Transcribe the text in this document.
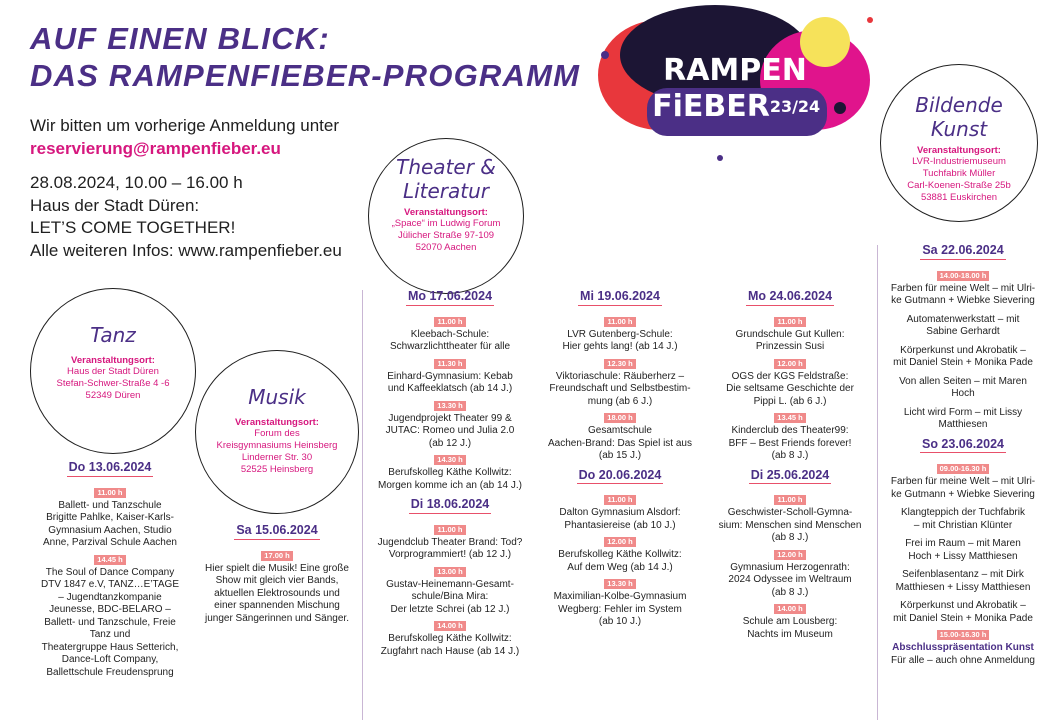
AUF EINEN BLICK:
DAS RAMPENFIEBER-PROGRAMM
Wir bitten um vorherige Anmeldung unter
reservierung@rampenfieber.eu
28.08.2024, 10.00 – 16.00 h
Haus der Stadt Düren:
LET’S COME TOGETHER!
Alle weiteren Infos: www.rampenfieber.eu
RAMPEN
FiEBER 23/24
Tanz
Veranstaltungsort:
Haus der Stadt Düren
Stefan-Schwer-Straße 4 -6
52349 Düren	Musik
Veranstaltungsort:
Forum des
Kreisgymnasiums Heinsberg
Linderner Str. 30
52525 Heinsberg
Theater &
Literatur
Veranstaltungsort:
„Space“ im Ludwig Forum
Jülicher Straße 97-109
52070 Aachen
Bildende
Kunst
Veranstaltungsort:
LVR-Industriemuseum
Tuchfabrik Müller
Carl-Koenen-Straße 25b
53881 Euskirchen
Do 13.06.2024
11.00 h
Ballett- und Tanzschule
Brigitte Pahlke, Kaiser-Karls-
Gymnasium Aachen, Studio
Anne, Parzival Schule Aachen
14.45 h
The Soul of Dance Company
DTV 1847 e.V, TANZ…E’TAGE
– Jugendtanzkompanie
Jeunesse, BDC-BELARO –
Ballett- und Tanzschule, Freie
Tanz und
Theatergruppe Haus Setterich,
Dance-Loft Company,
Ballettschule Freudensprung
Sa 15.06.2024
17.00 h
Hier spielt die Musik! Eine große
Show mit gleich vier Bands,
aktuellen Elektrosounds und
einer spannenden Mischung
junger Sängerinnen und Sänger.
Mo 17.06.2024
11.00 h
Kleebach-Schule:
Schwarzlichttheater für alle
11.30 h
Einhard-Gymnasium: Kebab
und Kaffeeklatsch (ab 14 J.)
13.30 h
Jugendprojekt Theater 99 &
JUTAC: Romeo und Julia 2.0
(ab 12 J.)
14.30 h
Berufskolleg Käthe Kollwitz:
Morgen komme ich an (ab 14 J.)
Di 18.06.2024
11.00 h
Jugendclub Theater Brand: Tod?
Vorprogrammiert! (ab 12 J.)
13.00 h
Gustav-Heinemann-Gesamt-
schule/Bina Mira:
Der letzte Schrei (ab 12 J.)
14.00 h
Berufskolleg Käthe Kollwitz:
Zugfahrt nach Hause (ab 14 J.)
Mi 19.06.2024
11.00 h
LVR Gutenberg-Schule:
Hier gehts lang! (ab 14 J.)
12.30 h
Viktoriaschule: Räuberherz –
Freundschaft und Selbstbestim-
mung (ab 6 J.)
18.00 h
Gesamtschule
Aachen-Brand: Das Spiel ist aus
(ab 15 J.)
Do 20.06.2024
11.00 h
Dalton Gymnasium Alsdorf:
Phantasiereise (ab 10 J.)
12.00 h
Berufskolleg Käthe Kollwitz:
Auf dem Weg (ab 14 J.)
13.30 h
Maximilian-Kolbe-Gymnasium
Wegberg: Fehler im System
(ab 10 J.)
Mo 24.06.2024
11.00 h
Grundschule Gut Kullen:
Prinzessin Susi
12.00 h
OGS der KGS Feldstraße:
Die seltsame Geschichte der
Pippi L. (ab 6 J.)
13.45 h
Kinderclub des Theater99:
BFF – Best Friends forever!
(ab 8 J.)
Di 25.06.2024
11.00 h
Geschwister-Scholl-Gymna-
sium: Menschen sind Menschen
(ab 8 J.)
12.00 h
Gymnasium Herzogenrath:
2024 Odyssee im Weltraum
(ab 8 J.)
14.00 h
Schule am Lousberg:
Nachts im Museum
Sa 22.06.2024
14.00-18.00 h
Farben für meine Welt – mit Ulri-
ke Gutmann + Wiebke Sievering
Automatenwerkstatt – mit
Sabine Gerhardt
Körperkunst und Akrobatik –
mit Daniel Stein + Monika Pade
Von allen Seiten – mit Maren
Hoch
Licht wird Form – mit Lissy
Matthiesen
So 23.06.2024
09.00-16.30 h
Farben für meine Welt – mit Ulri-
ke Gutmann + Wiebke Sievering
Klangteppich der Tuchfabrik
– mit Christian Klünter
Frei im Raum – mit Maren
Hoch + Lissy Matthiesen
Seifenblasentanz – mit Dirk
Matthiesen + Lissy Matthiesen
Körperkunst und Akrobatik –
mit Daniel Stein + Monika Pade
15.00-16.30 h
Abschlusspräsentation Kunst
Für alle – auch ohne Anmeldung
